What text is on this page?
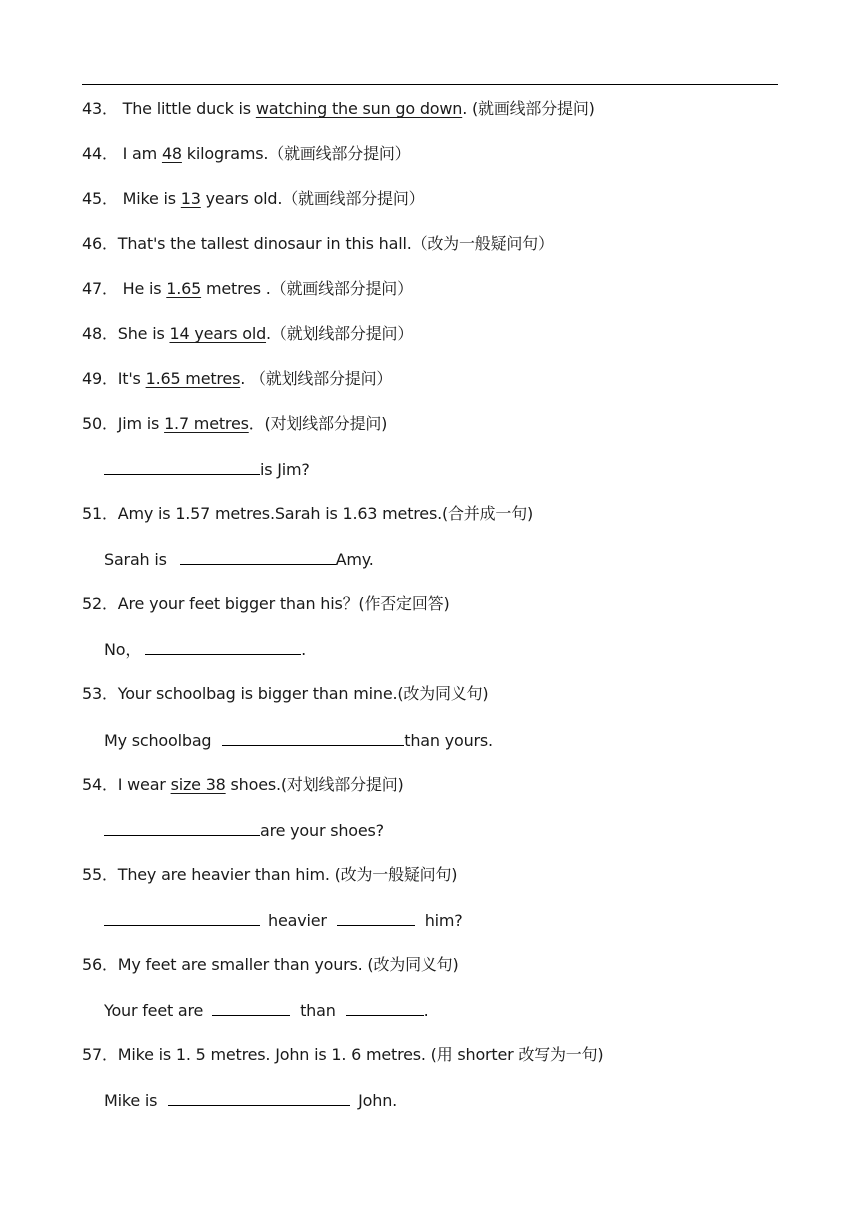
43． The little duck is watching the sun go down. (就画线部分提问)
44． I am 48 kilograms.（就画线部分提问）
45． Mike is 13 years old.（就画线部分提问）
46．That's the tallest dinosaur in this hall.（改为一般疑问句）
47． He is 1.65 metres .（就画线部分提问）
48．She is 14 years old.（就划线部分提问）
49．It's 1.65 metres. （就划线部分提问）
50．Jim is 1.7 metres．(对划线部分提问)
is Jim?
51．Amy is 1.57 metres.Sarah is 1.63 metres.(合并成一句)
Sarah is	Amy.
52．Are your feet bigger than his？(作否定回答)
No，	.
53．Your schoolbag is bigger than mine.(改为同义句)
My schoolbag	than yours.
54．I wear size 38 shoes.(对划线部分提问)
are your shoes?
55．They are heavier than him. (改为一般疑问句)
heavier	him?
56．My feet are smaller than yours. (改为同义句)
Your feet are	than	.
57．Mike is 1. 5 metres. John is 1. 6 metres. (用 shorter 改写为一句)
Mike is	John.
